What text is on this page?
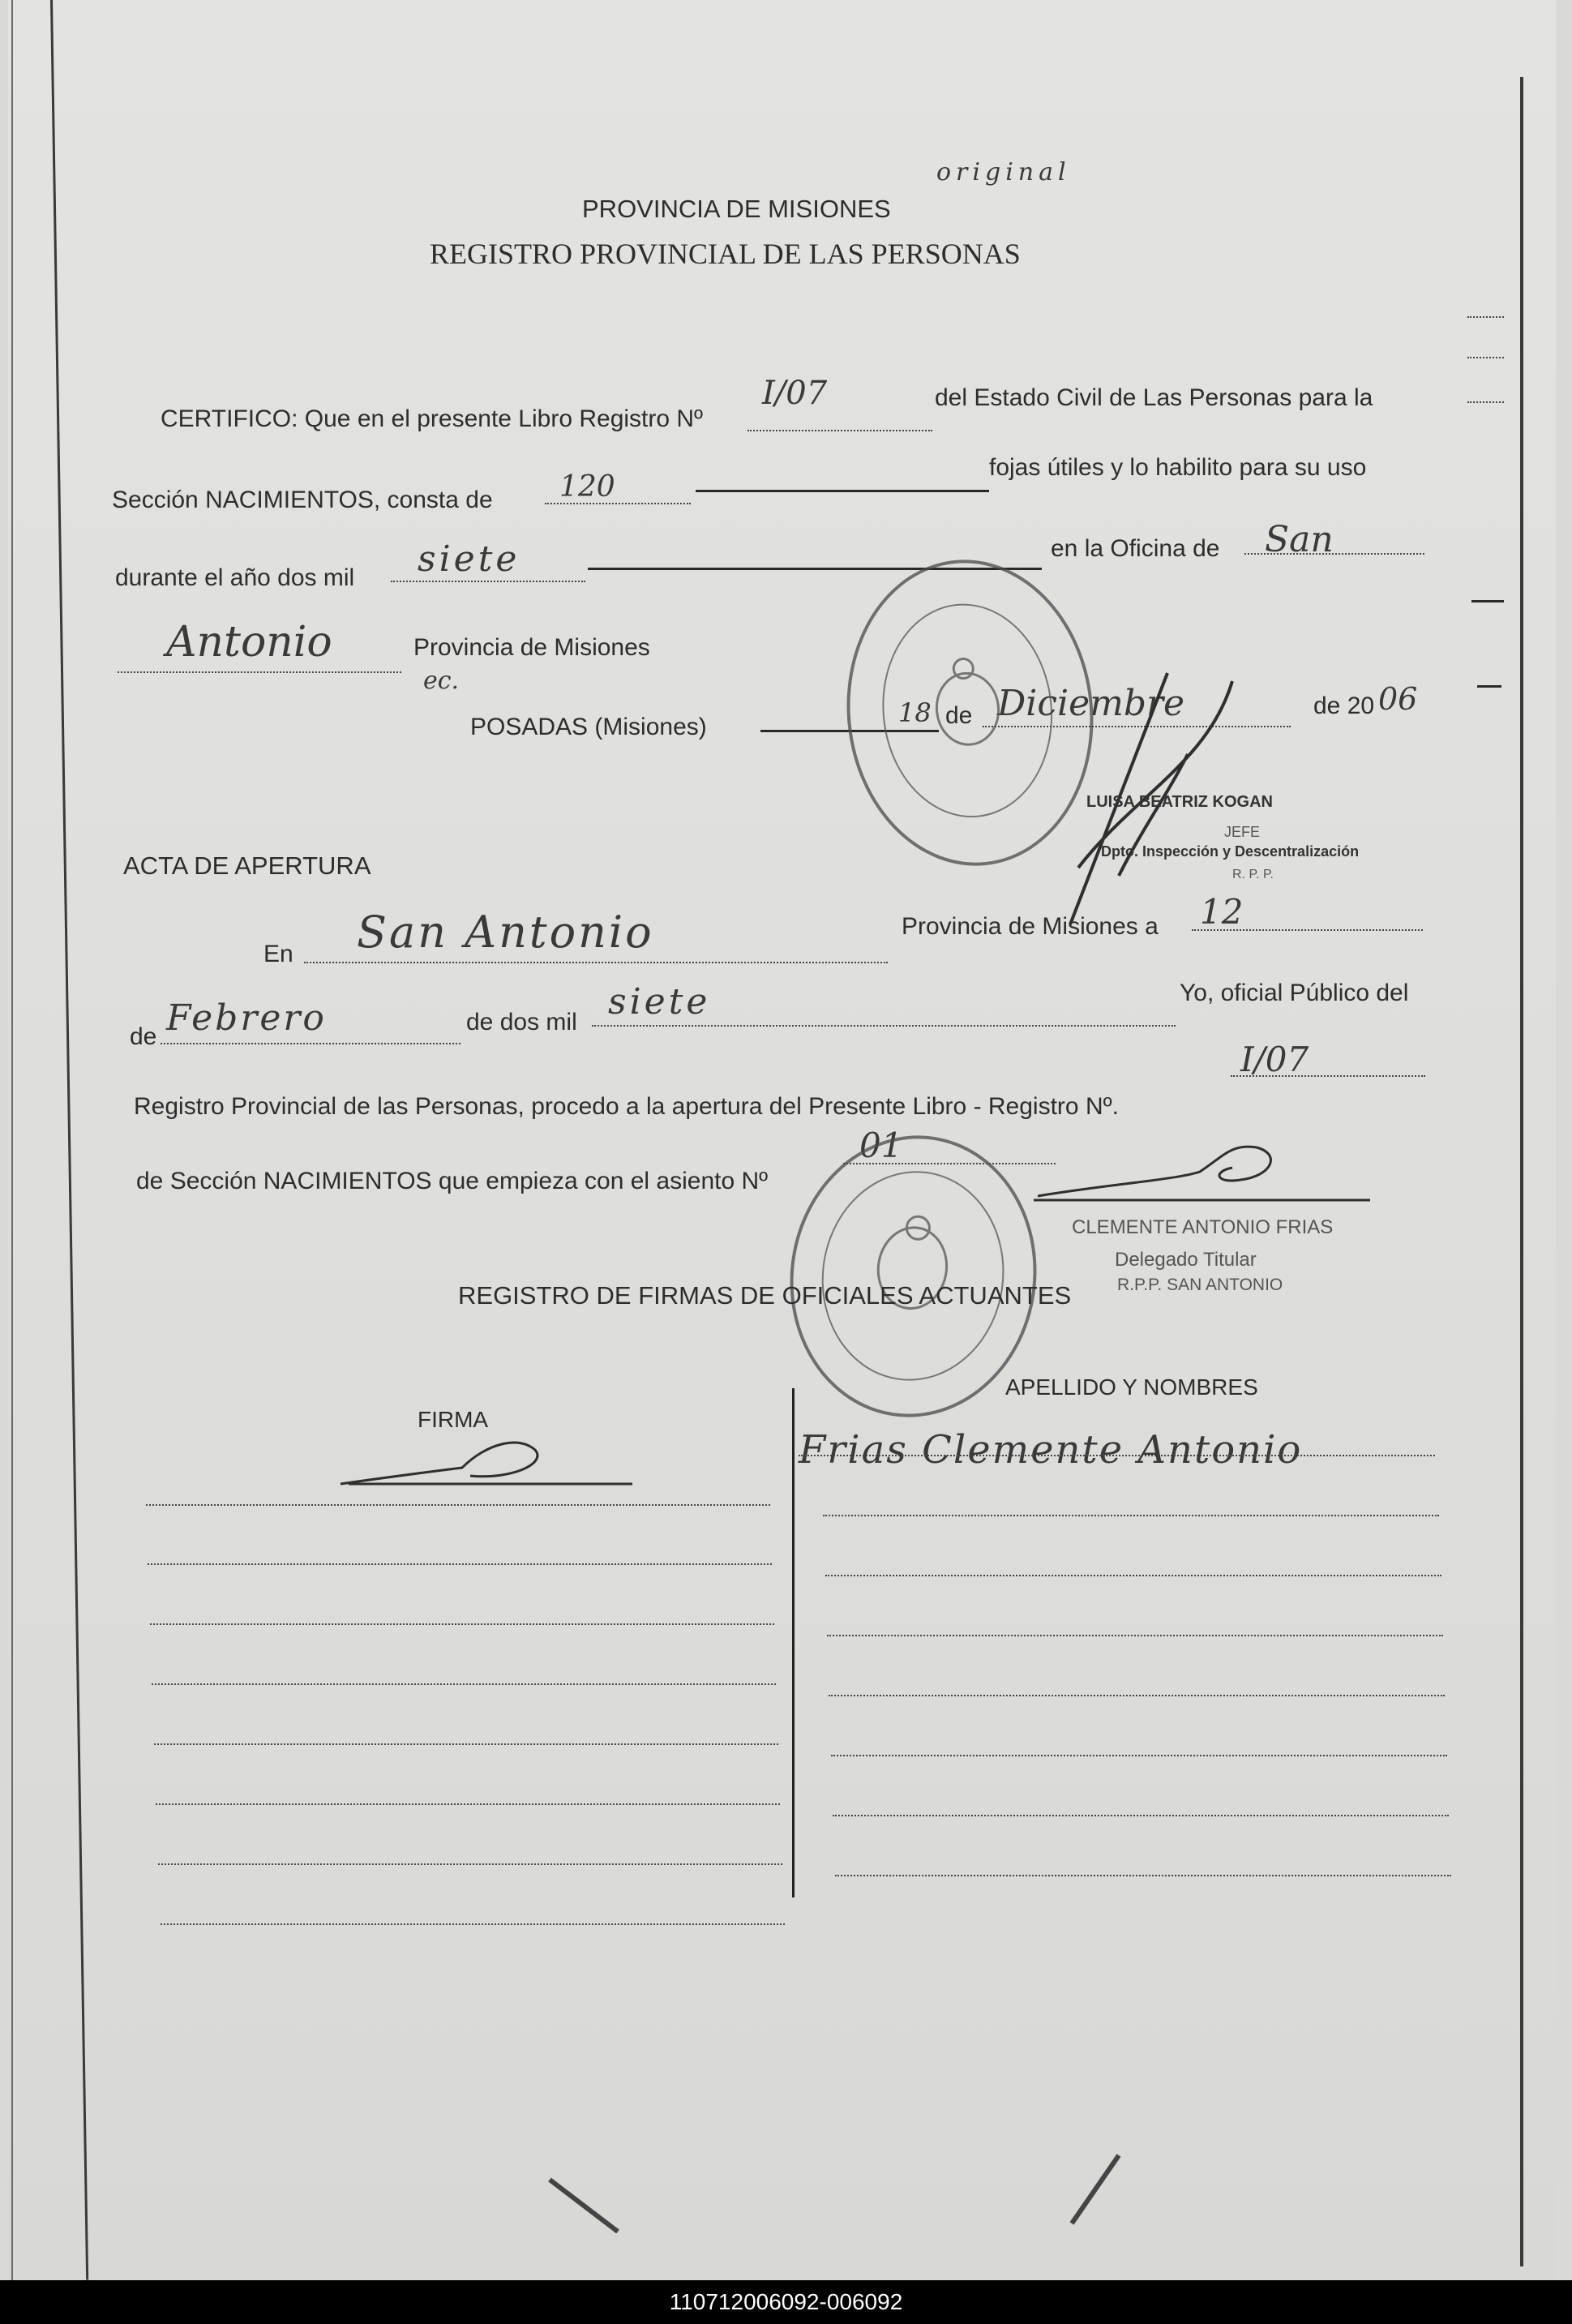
PROVINCIA DE MISIONES
REGISTRO PROVINCIAL DE LAS PERSONAS
original
CERTIFICO: Que en el presente Libro Registro Nº
I/07	del Estado Civil de Las Personas para la
Sección NACIMIENTOS, consta de 120
fojas útiles y lo habilito para su uso
durante el año dos mil siete	en la Oficina de San
Antonio	Provincia de Misiones
ec.
POSADAS (Misiones)	18 de Diciembre	de 20 06
LUISA BEATRIZ KOGAN
JEFE
Dpto. Inspección y Descentralización
R. P. P.
ACTA DE APERTURA
En San Antonio	Provincia de Misiones a 12
de Febrero	de dos mil siete	Yo, oficial Público del
Registro Provincial de las Personas, procedo a la apertura del Presente Libro - Registro Nº.
I/07
de Sección NACIMIENTOS que empieza con el asiento Nº
01
CLEMENTE ANTONIO FRIAS
Delegado Titular
R.P.P. SAN ANTONIO
REGISTRO DE FIRMAS DE OFICIALES ACTUANTES
FIRMA
APELLIDO Y NOMBRES
Frias Clemente Antonio
110712006092-006092
